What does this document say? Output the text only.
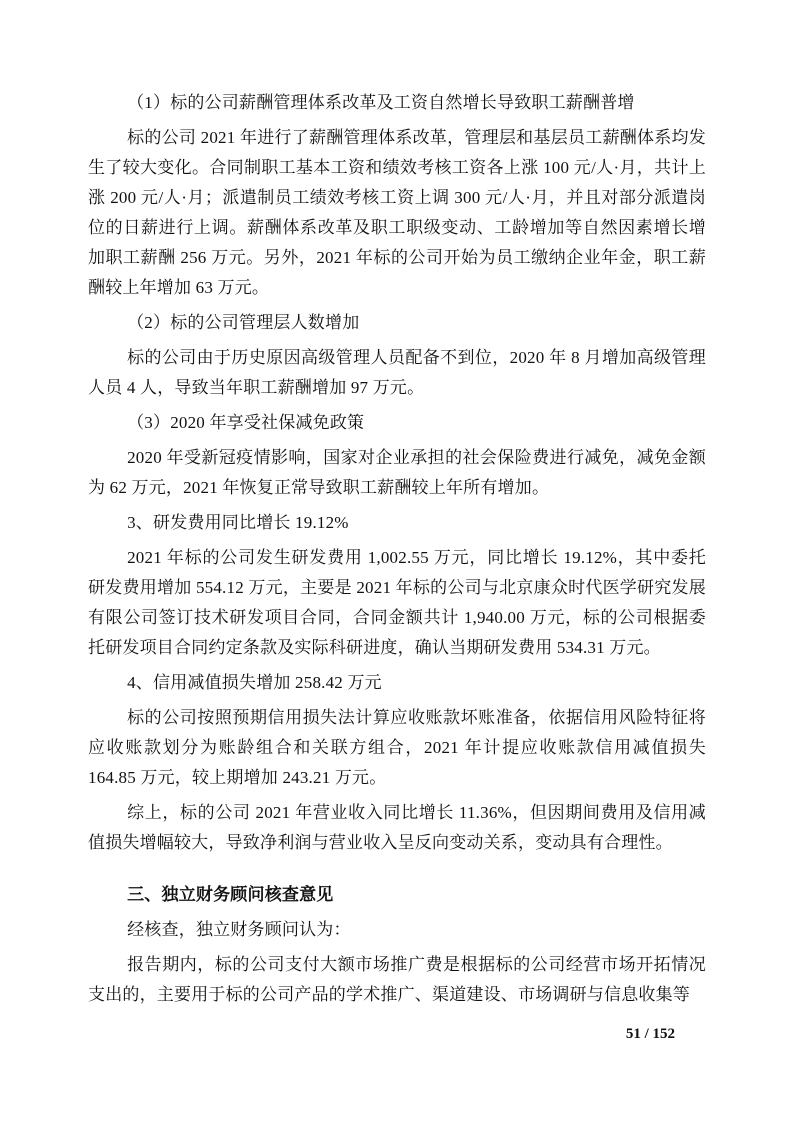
（1）标的公司薪酬管理体系改革及工资自然增长导致职工薪酬普增

标的公司 2021 年进行了薪酬管理体系改革，管理层和基层员工薪酬体系均发生了较大变化。合同制职工基本工资和绩效考核工资各上涨 100 元/人·月，共计上涨 200 元/人·月；派遣制员工绩效考核工资上调 300 元/人·月，并且对部分派遣岗位的日薪进行上调。薪酬体系改革及职工职级变动、工龄增加等自然因素增长增加职工薪酬 256 万元。另外，2021 年标的公司开始为员工缴纳企业年金，职工薪酬较上年增加 63 万元。

（2）标的公司管理层人数增加

标的公司由于历史原因高级管理人员配备不到位，2020 年 8 月增加高级管理人员 4 人，导致当年职工薪酬增加 97 万元。

（3）2020 年享受社保减免政策

2020 年受新冠疫情影响，国家对企业承担的社会保险费进行减免，减免金额为 62 万元，2021 年恢复正常导致职工薪酬较上年所有增加。

3、研发费用同比增长 19.12%

2021 年标的公司发生研发费用 1,002.55 万元，同比增长 19.12%，其中委托研发费用增加 554.12 万元，主要是 2021 年标的公司与北京康众时代医学研究发展有限公司签订技术研发项目合同，合同金额共计 1,940.00 万元，标的公司根据委托研发项目合同约定条款及实际科研进度，确认当期研发费用 534.31 万元。

4、信用减值损失增加 258.42 万元

标的公司按照预期信用损失法计算应收账款坏账准备，依据信用风险特征将应收账款划分为账龄组合和关联方组合，2021 年计提应收账款信用减值损失 164.85 万元，较上期增加 243.21 万元。

综上，标的公司 2021 年营业收入同比增长 11.36%，但因期间费用及信用减值损失增幅较大，导致净利润与营业收入呈反向变动关系，变动具有合理性。

三、独立财务顾问核查意见

经核查，独立财务顾问认为：

报告期内，标的公司支付大额市场推广费是根据标的公司经营市场开拓情况支出的，主要用于标的公司产品的学术推广、渠道建设、市场调研与信息收集等

51 / 152
